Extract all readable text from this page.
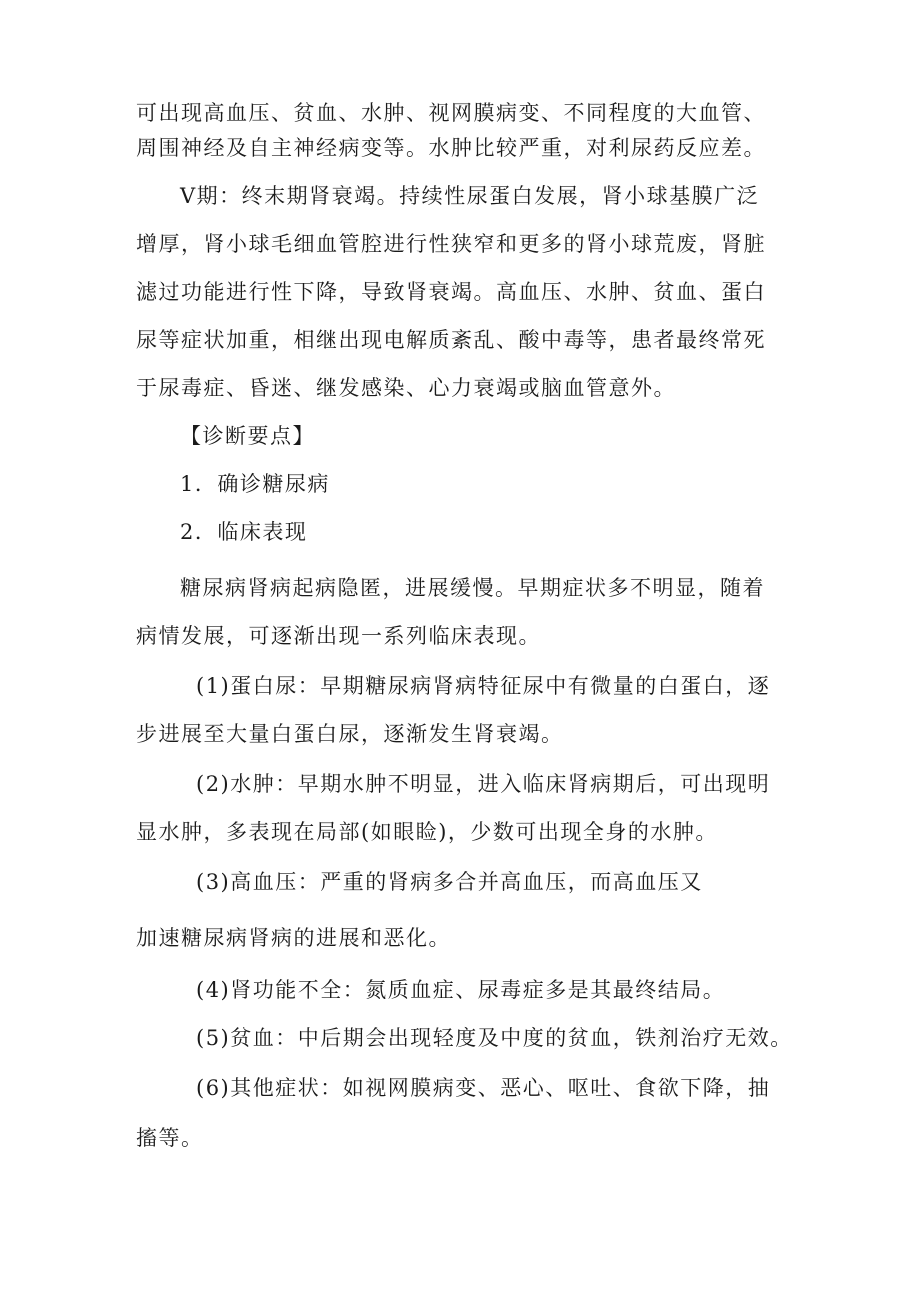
可出现高血压、贫血、水肿、视网膜病变、不同程度的大血管、

周围神经及自主神经病变等。水肿比较严重，对利尿药反应差。

V期：终末期肾衰竭。持续性尿蛋白发展，肾小球基膜广泛

增厚，肾小球毛细血管腔进行性狭窄和更多的肾小球荒废，肾脏

滤过功能进行性下降，导致肾衰竭。高血压、水肿、贫血、蛋白

尿等症状加重，相继出现电解质紊乱、酸中毒等，患者最终常死

于尿毒症、昏迷、继发感染、心力衰竭或脑血管意外。

【诊断要点】

1．确诊糖尿病

2．临床表现

糖尿病肾病起病隐匿，进展缓慢。早期症状多不明显，随着

病情发展，可逐渐出现一系列临床表现。

(1)蛋白尿：早期糖尿病肾病特征尿中有微量的白蛋白，逐

步进展至大量白蛋白尿，逐渐发生肾衰竭。

(2)水肿：早期水肿不明显，进入临床肾病期后，可出现明

显水肿，多表现在局部(如眼睑)，少数可出现全身的水肿。

(3)高血压：严重的肾病多合并高血压，而高血压又

加速糖尿病肾病的进展和恶化。

(4)肾功能不全：氮质血症、尿毒症多是其最终结局。

(5)贫血：中后期会出现轻度及中度的贫血，铁剂治疗无效。

(6)其他症状：如视网膜病变、恶心、呕吐、食欲下降，抽

搐等。
